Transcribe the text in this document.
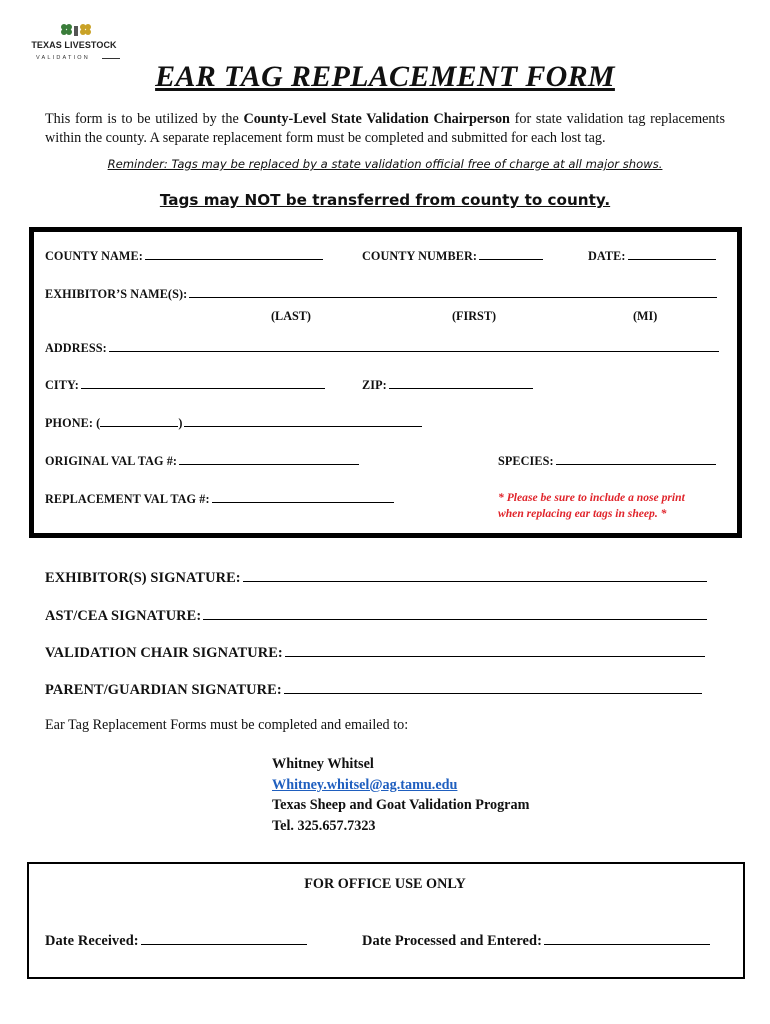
TEXAS LIVESTOCK
VALIDATION
EAR TAG REPLACEMENT FORM
This form is to be utilized by the County-Level State Validation Chairperson for state validation tag replacements within the county. A separate replacement form must be completed and submitted for each lost tag.
Reminder: Tags may be replaced by a state validation official free of charge at all major shows.
Tags may NOT be transferred from county to county.
COUNTY NAME:	COUNTY NUMBER:	DATE:
EXHIBITOR’S NAME(S):
(LAST)	(FIRST)	(MI)
ADDRESS:
CITY:	ZIP:
PHONE: (	)
ORIGINAL VAL TAG #:	SPECIES:
REPLACEMENT VAL TAG #:	* Please be sure to include a nose print when replacing ear tags in sheep. *
EXHIBITOR(S) SIGNATURE:
AST/CEA SIGNATURE:
VALIDATION CHAIR SIGNATURE:
PARENT/GUARDIAN SIGNATURE:
Ear Tag Replacement Forms must be completed and emailed to:
Whitney Whitsel
Whitney.whitsel@ag.tamu.edu
Texas Sheep and Goat Validation Program
Tel. 325.657.7323
FOR OFFICE USE ONLY
Date Received:	Date Processed and Entered:
